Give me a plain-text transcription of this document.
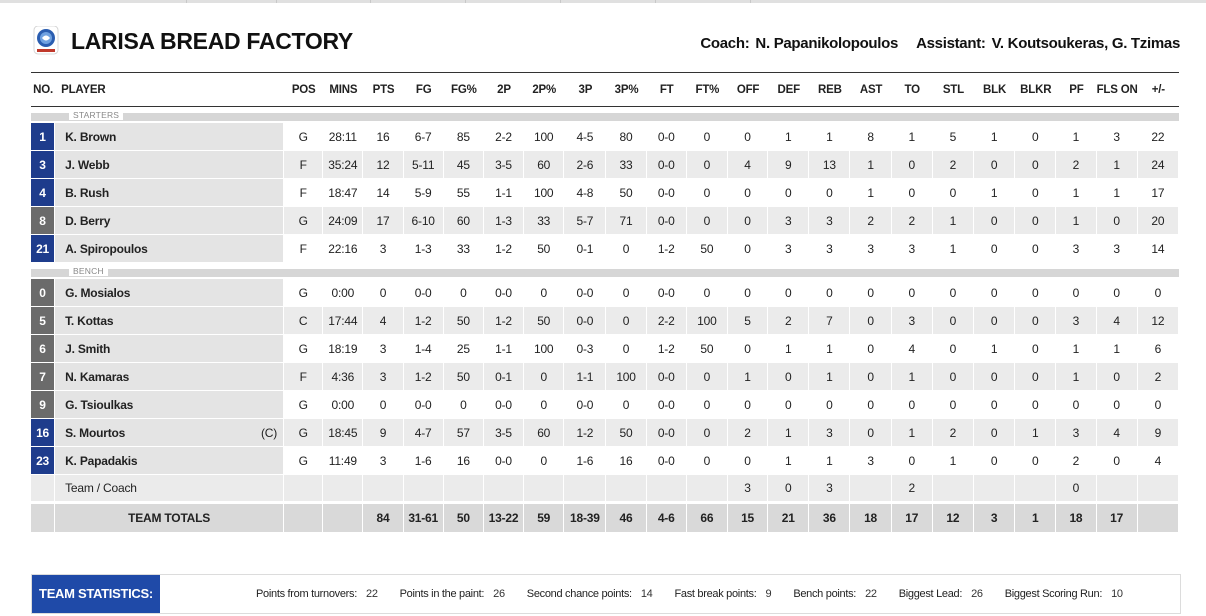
LARISA BREAD FACTORY	Coach: N. Papanikolopoulos Assistant: V. Koutsoukeras, G. Tzimas
NO.	PLAYER	POS	MINS	PTS	FG	FG%	2P	2P%	3P	3P%	FT	FT%	OFF	DEF	REB	AST	TO	STL	BLK	BLKR	PF	FLS ON	+/-

STARTERS																							

1	K. Brown	G	28:11	16	6-7	85	2-2	100	4-5	80	0-0	0	0	1	1	8	1	5	1	0	1	3	22
3	J. Webb	F	35:24	12	5-11	45	3-5	60	2-6	33	0-0	0	4	9	13	1	0	2	0	0	2	1	24
4	B. Rush	F	18:47	14	5-9	55	1-1	100	4-8	50	0-0	0	0	0	0	1	0	0	1	0	1	1	17
8	D. Berry	G	24:09	17	6-10	60	1-3	33	5-7	71	0-0	0	0	3	3	2	2	1	0	0	1	0	20
21	A. Spiropoulos	F	22:16	3	1-3	33	1-2	50	0-1	0	1-2	50	0	3	3	3	3	1	0	0	3	3	14

BENCH																							

0	G. Mosialos	G	0:00	0	0-0	0	0-0	0	0-0	0	0-0	0	0	0	0	0	0	0	0	0	0	0	0
5	T. Kottas	C	17:44	4	1-2	50	1-2	50	0-0	0	2-2	100	5	2	7	0	3	0	0	0	3	4	12
6	J. Smith	G	18:19	3	1-4	25	1-1	100	0-3	0	1-2	50	0	1	1	0	4	0	1	0	1	1	6
7	N. Kamaras	F	4:36	3	1-2	50	0-1	0	1-1	100	0-0	0	1	0	1	0	1	0	0	0	1	0	2
9	G. Tsioulkas	G	0:00	0	0-0	0	0-0	0	0-0	0	0-0	0	0	0	0	0	0	0	0	0	0	0	0
16	S. Mourtos (C)	G	18:45	9	4-7	57	3-5	60	1-2	50	0-0	0	2	1	3	0	1	2	0	1	3	4	9
23	K. Papadakis	G	11:49	3	1-6	16	0-0	0	1-6	16	0-0	0	0	1	1	3	0	1	0	0	2	0	4
	Team / Coach												3	0	3		2				0		
	TEAM TOTALS			84	31-61	50	13-22	59	18-39	46	4-6	66	15	21	36	18	17	12	3	1	18	17	
TEAM STATISTICS:	Points from turnovers: 22 Points in the paint: 26 Second chance points: 14 Fast break points: 9 Bench points: 22 Biggest Lead: 26 Biggest Scoring Run: 10
